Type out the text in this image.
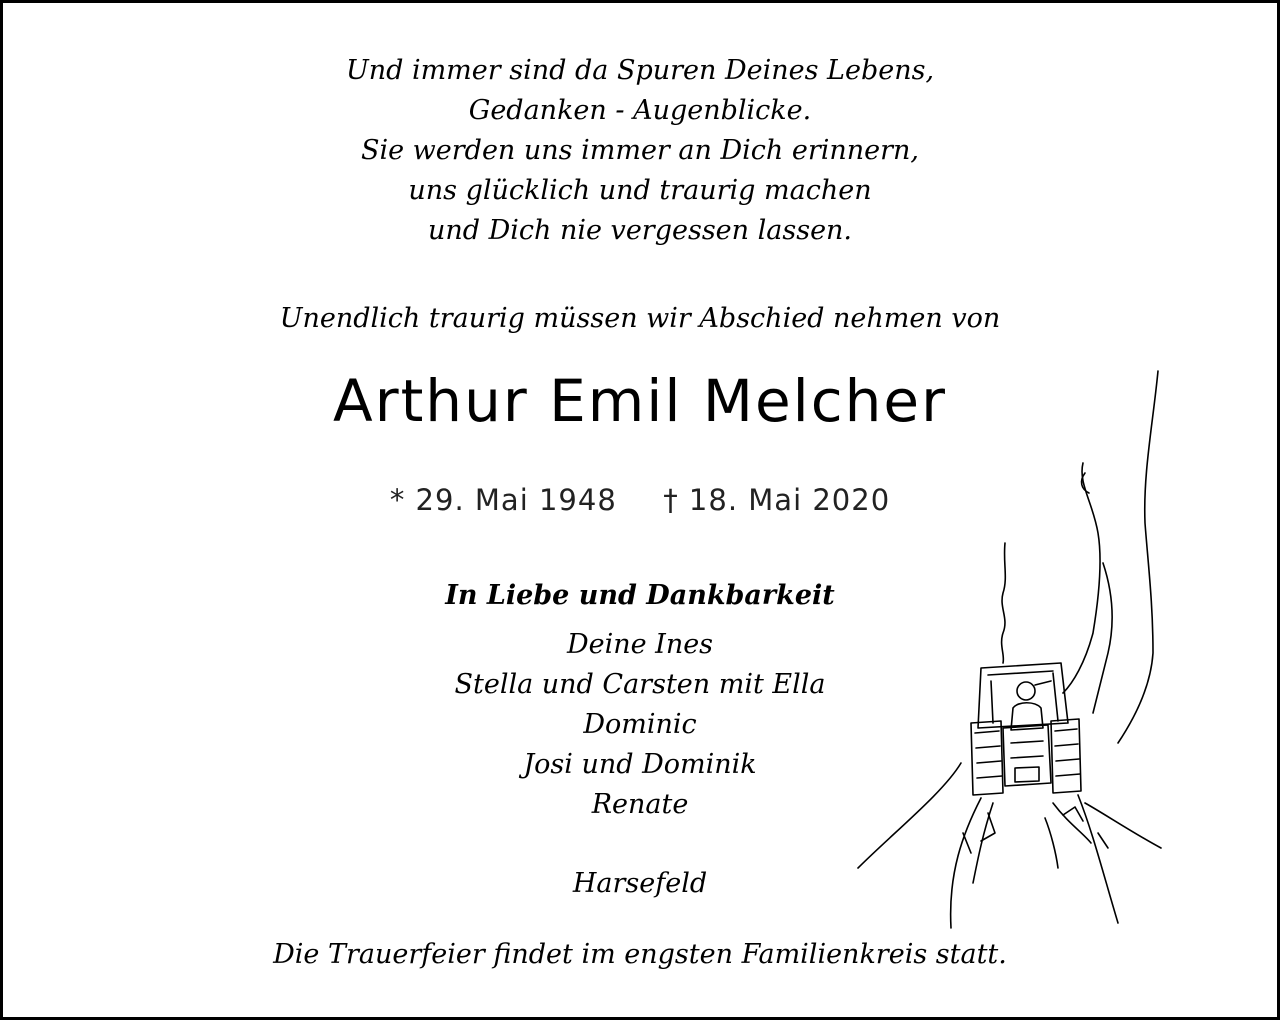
Und immer sind da Spuren Deines Lebens,
Gedanken - Augenblicke.
Sie werden uns immer an Dich erinnern,
uns glücklich und traurig machen
und Dich nie vergessen lassen.
Unendlich traurig müssen wir Abschied nehmen von
Arthur Emil Melcher
* 29. Mai 1948 † 18. Mai 2020
In Liebe und Dankbarkeit
Deine Ines
Stella und Carsten mit Ella
Dominic
Josi und Dominik
Renate
Harsefeld
Die Trauerfeier findet im engsten Familienkreis statt.
